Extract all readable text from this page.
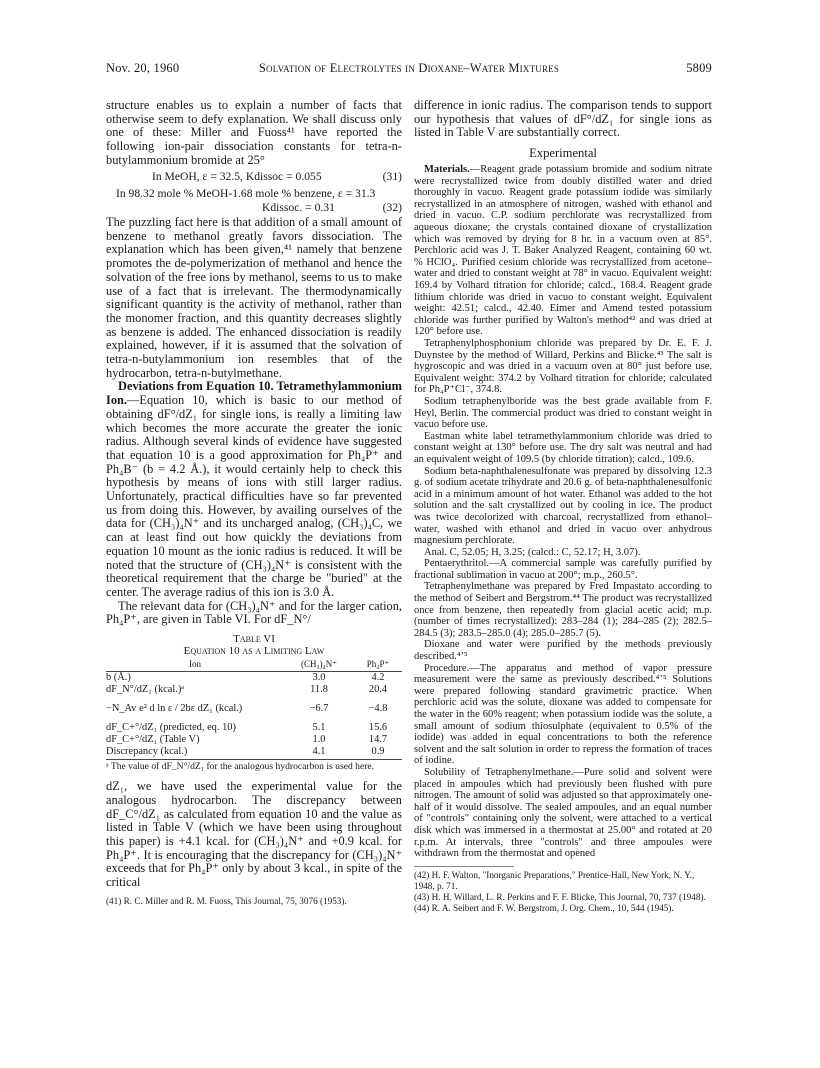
Nov. 20, 1960	Solvation of Electrolytes in Dioxane–Water Mixtures	5809

structure enables us to explain a number of facts that otherwise seem to defy explanation. We shall discuss only one of these: Miller and Fuoss⁴¹ have reported the following ion-pair dissociation constants for tetra-n-butylammonium bromide at 25°

In MeOH, ε = 32.5, Kdissoc = 0.055	(31)
In 98.32 mole % MeOH-1.68 mole % benzene, ε = 31.3
Kdissoc. = 0.31	(32)

The puzzling fact here is that addition of a small amount of benzene to methanol greatly favors dissociation. The explanation which has been given,⁴¹ namely that benzene promotes the de-polymerization of methanol and hence the solvation of the free ions by methanol, seems to us to make use of a fact that is irrelevant. The thermodynamically significant quantity is the activity of methanol, rather than the monomer fraction, and this quantity decreases slightly as benzene is added. The enhanced dissociation is readily explained, however, if it is assumed that the solvation of tetra-n-butylammonium ion resembles that of the hydrocarbon, tetra-n-butylmethane.

Deviations from Equation 10. Tetramethylammonium Ion.—Equation 10, which is basic to our method of obtaining dF°/dZ₁ for single ions, is really a limiting law which becomes the more accurate the greater the ionic radius. Although several kinds of evidence have suggested that equation 10 is a good approximation for Ph₄P⁺ and Ph₄B⁻ (b = 4.2 Å.), it would certainly help to check this hypothesis by means of ions with still larger radius. Unfortunately, practical difficulties have so far prevented us from doing this. However, by availing ourselves of the data for (CH₃)₄N⁺ and its uncharged analog, (CH₃)₄C, we can at least find out how quickly the deviations from equation 10 mount as the ionic radius is reduced. It will be noted that the structure of (CH₃)₄N⁺ is consistent with the theoretical requirement that the charge be "buried" at the center. The average radius of this ion is 3.0 Å.

The relevant data for (CH₃)₄N⁺ and for the larger cation, Ph₄P⁺, are given in Table VI. For dF_N°/

Table VI
Equation 10 as a Limiting Law
Ion	(CH₃)₄N⁺	Ph₄P⁺
b (Å.)	3.0	4.2
dF_N°/dZ₁ (kcal.)ᵃ	11.8	20.4
−N_Av e² d ln ε / 2bε dZ₁ (kcal.)	−6.7	−4.8
dF_C+°/dZ₁ (predicted, eq. 10)	5.1	15.6
dF_C+°/dZ₁ (Table V)	1.0	14.7
Discrepancy (kcal.)	4.1	0.9
ᵃ The value of dF_N°/dZ₁ for the analogous hydrocarbon is used here.

dZ₁, we have used the experimental value for the analogous hydrocarbon. The discrepancy between dF_C°/dZ₁ as calculated from equation 10 and the value as listed in Table V (which we have been using throughout this paper) is +4.1 kcal. for (CH₃)₄N⁺ and +0.9 kcal. for Ph₄P⁺. It is encouraging that the discrepancy for (CH₃)₄N⁺ exceeds that for Ph₄P⁺ only by about 3 kcal., in spite of the critical

(41) R. C. Miller and R. M. Fuoss, This Journal, 75, 3076 (1953).

difference in ionic radius. The comparison tends to support our hypothesis that values of dF°/dZ₁ for single ions as listed in Table V are substantially correct.

Experimental

Materials.—Reagent grade potassium bromide and sodium nitrate were recrystallized twice from doubly distilled water and dried thoroughly in vacuo. Reagent grade potassium iodide was similarly recrystallized in an atmosphere of nitrogen, washed with ethanol and dried in vacuo. C.P. sodium perchlorate was recrystallized from aqueous dioxane; the crystals contained dioxane of crystallization which was removed by drying for 8 hr. in a vacuum oven at 85°. Perchloric acid was J. T. Baker Analyzed Reagent, containing 60 wt. % HClO₄. Purified cesium chloride was recrystallized from acetone–water and dried to constant weight at 78° in vacuo. Equivalent weight: 169.4 by Volhard titration for chloride; calcd., 168.4. Reagent grade lithium chloride was dried in vacuo to constant weight. Equivalent weight: 42.51; calcd., 42.40. Eimer and Amend tested potassium chloride was further purified by Walton's method⁴² and was dried at 120° before use.

Tetraphenylphosphonium chloride was prepared by Dr. E. F. J. Duynstee by the method of Willard, Perkins and Blicke.⁴³ The salt is hygroscopic and was dried in a vacuum oven at 80° just before use. Equivalent weight: 374.2 by Volhard titration for chloride; calculated for Ph₄P⁺Cl⁻, 374.8.

Sodium tetraphenylboride was the best grade available from F. Heyl, Berlin. The commercial product was dried to constant weight in vacuo before use.

Eastman white label tetramethylammonium chloride was dried to constant weight at 130° before use. The dry salt was neutral and had an equivalent weight of 109.5 (by chloride titration); calcd., 109.6.

Sodium beta-naphthalenesulfonate was prepared by dissolving 12.3 g. of sodium acetate trihydrate and 20.6 g. of beta-naphthalenesulfonic acid in a minimum amount of hot water. Ethanol was added to the hot solution and the salt crystallized out by cooling in ice. The product was twice decolorized with charcoal, recrystallized from ethanol–water, washed with ethanol and dried in vacuo over anhydrous magnesium perchlorate.

Anal. C, 52.05; H, 3.25; (calcd.: C, 52.17; H, 3.07).

Pentaerythritol.—A commercial sample was carefully purified by fractional sublimation in vacuo at 200°; m.p., 260.5°.

Tetraphenylmethane was prepared by Fred Impastato according to the method of Seibert and Bergstrom.⁴⁴ The product was recrystallized once from benzene, then repeatedly from glacial acetic acid; m.p. (number of times recrystallized): 283–284 (1); 284–285 (2); 282.5–284.5 (3); 283.5–285.0 (4); 285.0–285.7 (5).

Dioxane and water were purified by the methods previously described.⁴ʼ⁵

Procedure.—The apparatus and method of vapor pressure measurement were the same as previously described.⁴ʼ⁵ Solutions were prepared following standard gravimetric practice. When perchloric acid was the solute, dioxane was added to compensate for the water in the 60% reagent; when potassium iodide was the solute, a small amount of sodium thiosulphate (equivalent to 0.5% of the iodide) was added in equal concentrations to both the reference solvent and the salt solution in order to repress the formation of traces of iodine.

Solubility of Tetraphenylmethane.—Pure solid and solvent were placed in ampoules which had previously been flushed with pure nitrogen. The amount of solid was adjusted so that approximately one-half of it would dissolve. The sealed ampoules, and an equal number of "controls" containing only the solvent, were attached to a vertical disk which was immersed in a thermostat at 25.00° and rotated at 20 r.p.m. At intervals, three "controls" and three ampoules were withdrawn from the thermostat and opened

(42) H. F. Walton, "Inorganic Preparations," Prentice-Hall, New York, N. Y., 1948, p. 71.
(43) H. H. Willard, L. R. Perkins and F. F. Blicke, This Journal, 70, 737 (1948).
(44) R. A. Seibert and F. W. Bergstrom, J. Org. Chem., 10, 544 (1945).
